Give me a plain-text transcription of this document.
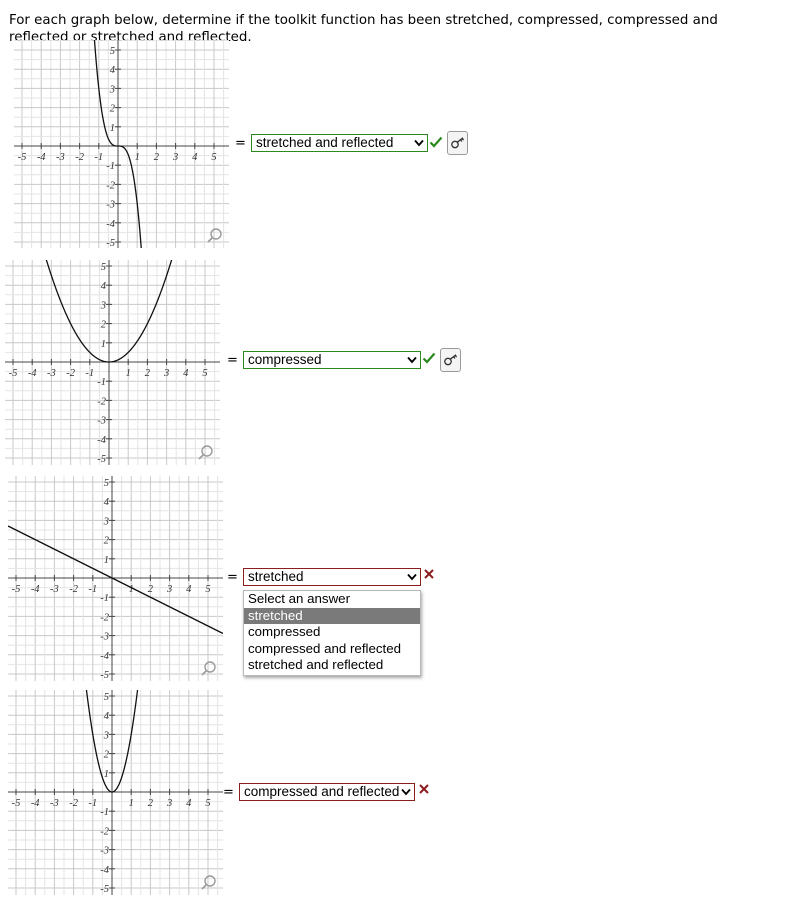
For each graph below, determine if the toolkit function has been stretched, compressed, compressed and reflected or stretched and reflected.
-5 -4 -3 -2 -1	1 2 3 4 5
5
4
3
2
1
-1
-2
-3
-4
-5
= stretched and reflected
-5 -4 -3 -2 -1	1 2 3 4 5
5
4
3
2
1
-1
-2
-3
-4
-5
= compressed
-5 -4 -3 -2 -1	1 2 3 4 5
5
4
3
2
1
-1
-2
-3
-4
-5
= stretched
-5 -4 -3 -2 -1	1 2 3 4 5
5
4
3
2
1
-1
-2
-3
-4
-5
= compressed and reflected
Select an answer
stretched
compressed
compressed and reflected
stretched and reflected
